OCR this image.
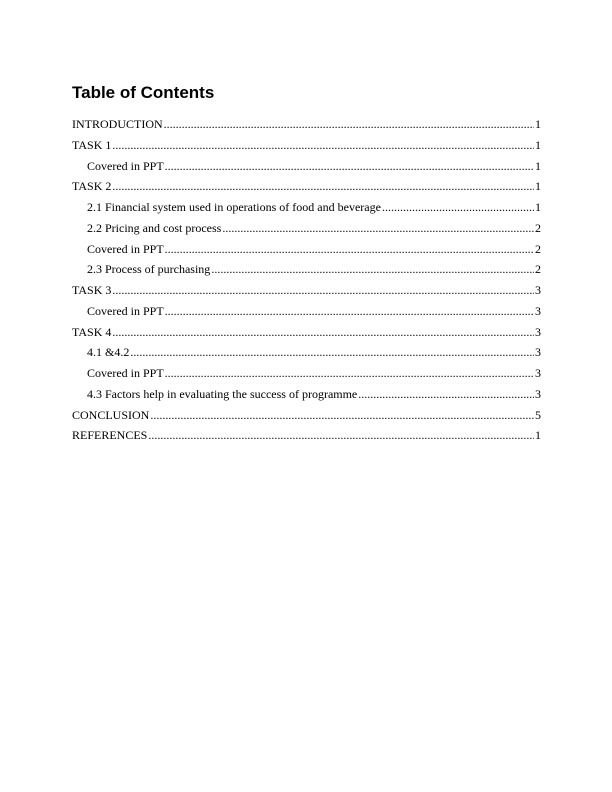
Table of Contents
INTRODUCTION .....	1
TASK 1 .....	1
Covered in PPT .....	1
TASK 2 .....	1
2.1 Financial system used in operations of food and beverage .....	1
2.2 Pricing and cost process .....	2
Covered in PPT .....	2
2.3 Process of purchasing .....	2
TASK 3 .....	3
Covered in PPT .....	3
TASK 4 .....	3
4.1 &4.2 .....	3
Covered in PPT .....	3
4.3 Factors help in evaluating the success of programme .....	3
CONCLUSION .....	5
REFERENCES .....	1
